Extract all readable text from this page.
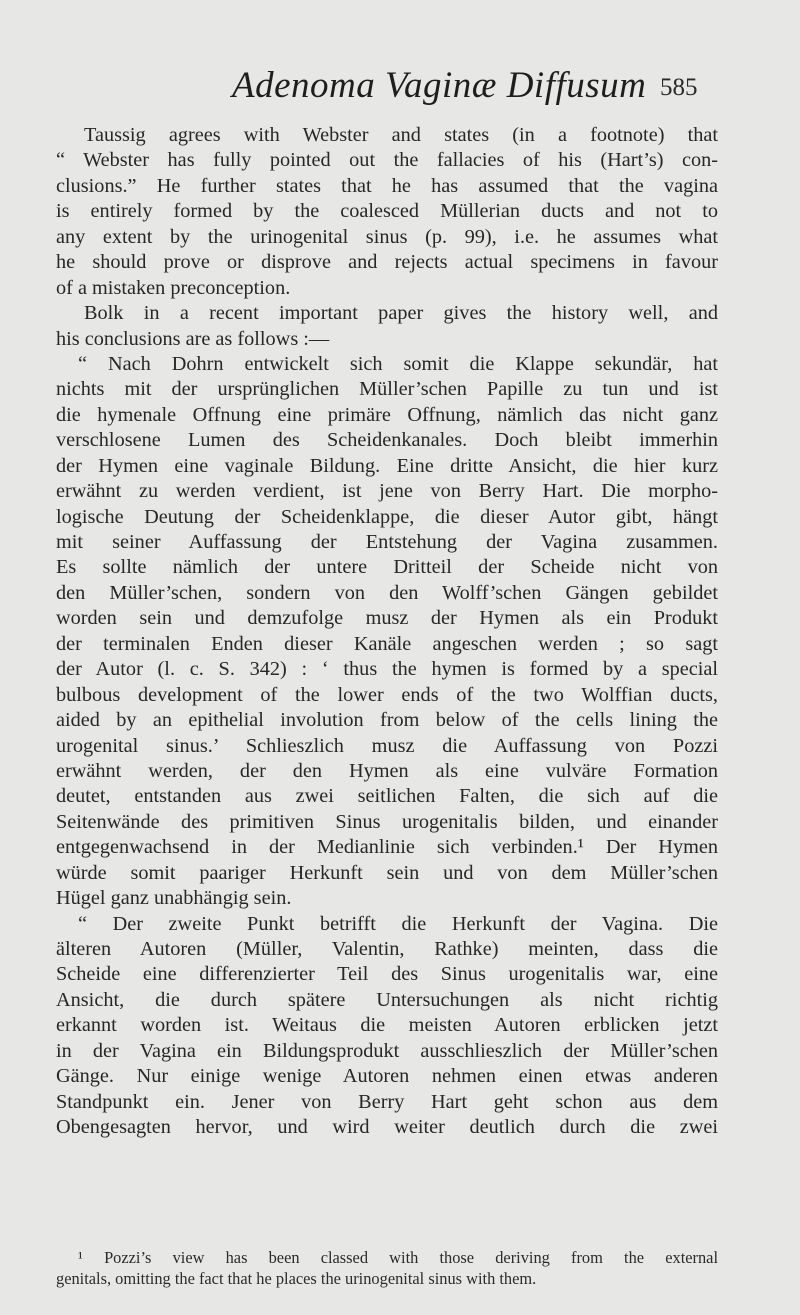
Adenoma Vaginæ Diffusum 585
Taussig agrees with Webster and states (in a footnote) that
“ Webster has fully pointed out the fallacies of his (Hart’s) con-
clusions.” He further states that he has assumed that the vagina
is entirely formed by the coalesced Müllerian ducts and not to
any extent by the urinogenital sinus (p. 99), i.e. he assumes what
he should prove or disprove and rejects actual specimens in favour
of a mistaken preconception.
Bolk in a recent important paper gives the history well, and
his conclusions are as follows :—
“ Nach Dohrn entwickelt sich somit die Klappe sekundär, hat
nichts mit der ursprünglichen Müller’schen Papille zu tun und ist
die hymenale Offnung eine primäre Offnung, nämlich das nicht ganz
verschlosene Lumen des Scheidenkanales. Doch bleibt immerhin
der Hymen eine vaginale Bildung. Eine dritte Ansicht, die hier kurz
erwähnt zu werden verdient, ist jene von Berry Hart. Die morpho-
logische Deutung der Scheidenklappe, die dieser Autor gibt, hängt
mit seiner Auffassung der Entstehung der Vagina zusammen.
Es sollte nämlich der untere Dritteil der Scheide nicht von
den Müller’schen, sondern von den Wolff’schen Gängen gebildet
worden sein und demzufolge musz der Hymen als ein Produkt
der terminalen Enden dieser Kanäle angeschen werden ; so sagt
der Autor (l. c. S. 342) : ‘ thus the hymen is formed by a special
bulbous development of the lower ends of the two Wolffian ducts,
aided by an epithelial involution from below of the cells lining the
urogenital sinus.’ Schlieszlich musz die Auffassung von Pozzi
erwähnt werden, der den Hymen als eine vulväre Formation
deutet, entstanden aus zwei seitlichen Falten, die sich auf die
Seitenwände des primitiven Sinus urogenitalis bilden, und einander
entgegenwachsend in der Medianlinie sich verbinden.¹ Der Hymen
würde somit paariger Herkunft sein und von dem Müller’schen
Hügel ganz unabhängig sein.
“ Der zweite Punkt betrifft die Herkunft der Vagina. Die
älteren Autoren (Müller, Valentin, Rathke) meinten, dass die
Scheide eine differenzierter Teil des Sinus urogenitalis war, eine
Ansicht, die durch spätere Untersuchungen als nicht richtig
erkannt worden ist. Weitaus die meisten Autoren erblicken jetzt
in der Vagina ein Bildungsprodukt ausschlieszlich der Müller’schen
Gänge. Nur einige wenige Autoren nehmen einen etwas anderen
Standpunkt ein. Jener von Berry Hart geht schon aus dem
Obengesagten hervor, und wird weiter deutlich durch die zwei
¹ Pozzi’s view has been classed with those deriving from the external
genitals, omitting the fact that he places the urinogenital sinus with them.
